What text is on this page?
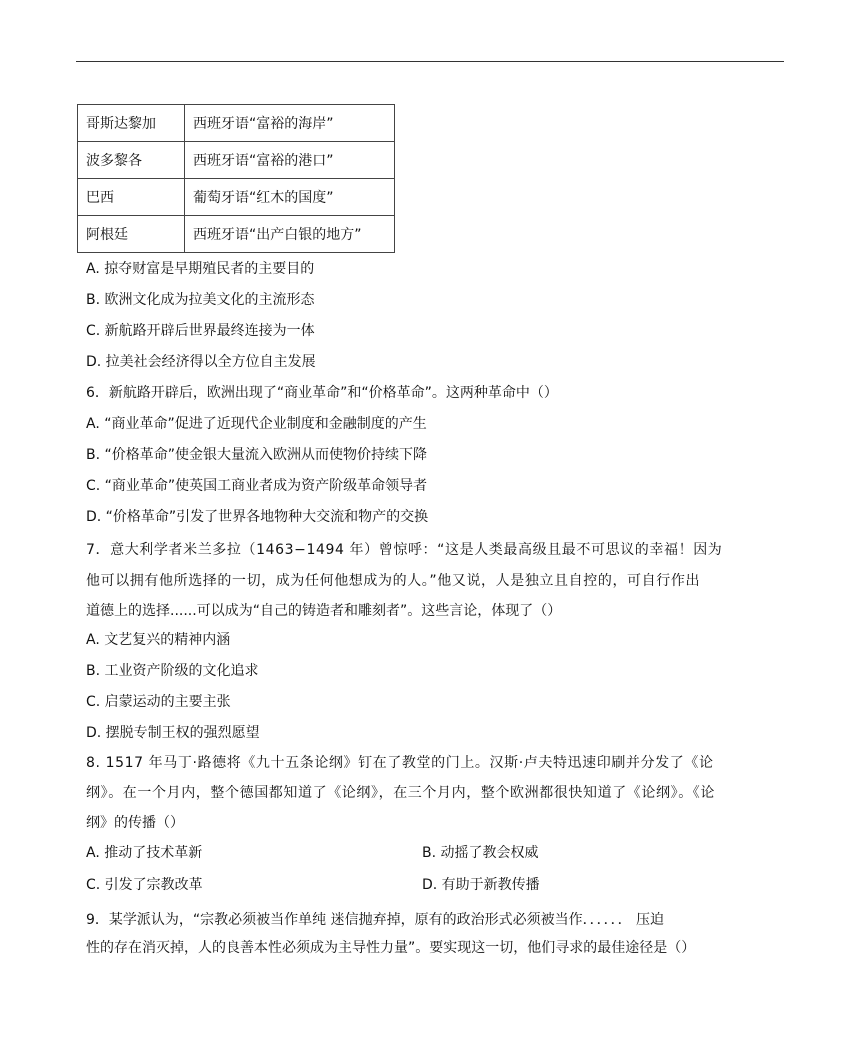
哥斯达黎加	西班牙语“富裕的海岸”
波多黎各	西班牙语“富裕的港口”
巴西	葡萄牙语“红木的国度”
阿根廷	西班牙语“出产白银的地方”
A. 掠夺财富是早期殖民者的主要目的
B. 欧洲文化成为拉美文化的主流形态
C. 新航路开辟后世界最终连接为一体
D. 拉美社会经济得以全方位自主发展
6．新航路开辟后，欧洲出现了“商业革命”和“价格革命”。这两种革命中（）
A. “商业革命”促进了近现代企业制度和金融制度的产生
B. “价格革命”使金银大量流入欧洲从而使物价持续下降
C. “商业革命”使英国工商业者成为资产阶级革命领导者
D. “价格革命”引发了世界各地物种大交流和物产的交换
7．意大利学者米兰多拉（1463−1494 年）曾惊呼：“这是人类最高级且最不可思议的幸福！因为
他可以拥有他所选择的一切，成为任何他想成为的人。”他又说，人是独立且自控的，可自行作出
道德上的选择......可以成为“自己的铸造者和雕刻者”。这些言论，体现了（）
A. 文艺复兴的精神内涵
B. 工业资产阶级的文化追求
C. 启蒙运动的主要主张
D. 摆脱专制王权的强烈愿望
8. 1517 年马丁·路德将《九十五条论纲》钉在了教堂的门上。汉斯·卢夫特迅速印刷并分发了《论
纲》。在一个月内，整个德国都知道了《论纲》，在三个月内，整个欧洲都很快知道了《论纲》。《论
纲》的传播（）
A. 推动了技术革新	B. 动摇了教会权威
C. 引发了宗教改革	D. 有助于新教传播
9．某学派认为，“宗教必须被当作单纯 迷信抛弃掉，原有的政治形式必须被当作．．．．．． 压迫
性的存在消灭掉，人的良善本性必须成为主导性力量”。要实现这一切，他们寻求的最佳途径是（）
